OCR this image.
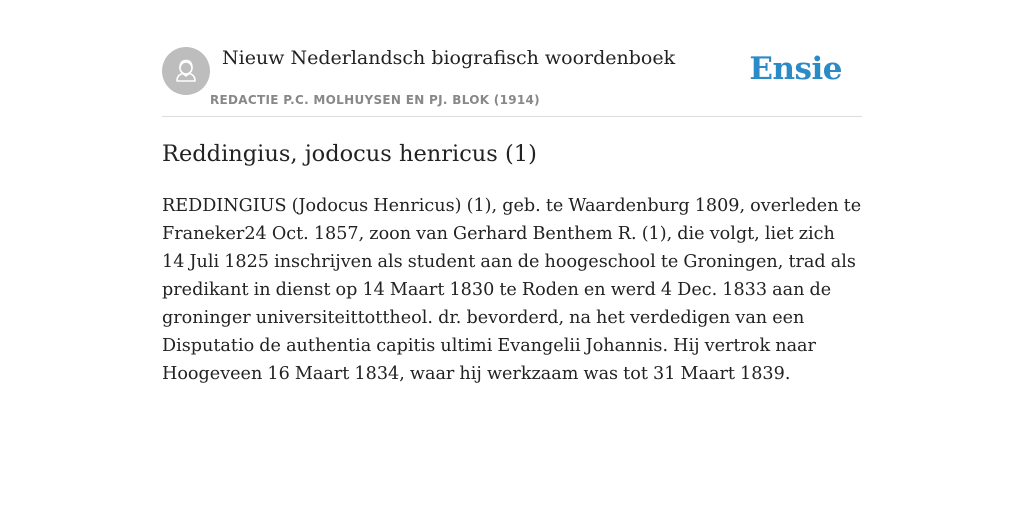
Nieuw Nederlandsch biografisch woordenboek
REDACTIE P.C. MOLHUYSEN EN PJ. BLOK (1914)
Ensie
Reddingius, jodocus henricus (1)

REDDINGIUS (Jodocus Henricus) (1), geb. te Waardenburg 1809, overleden te Franeker24 Oct. 1857, zoon van Gerhard Benthem R. (1), die volgt, liet zich 14 Juli 1825 inschrijven als student aan de hoogeschool te Groningen, trad als predikant in dienst op 14 Maart 1830 te Roden en werd 4 Dec. 1833 aan de groninger universiteittottheol. dr. bevorderd, na het verdedigen van een Disputatio de authentia capitis ultimi Evangelii Johannis. Hij vertrok naar Hoogeveen 16 Maart 1834, waar hij werkzaam was tot 31 Maart 1839.
